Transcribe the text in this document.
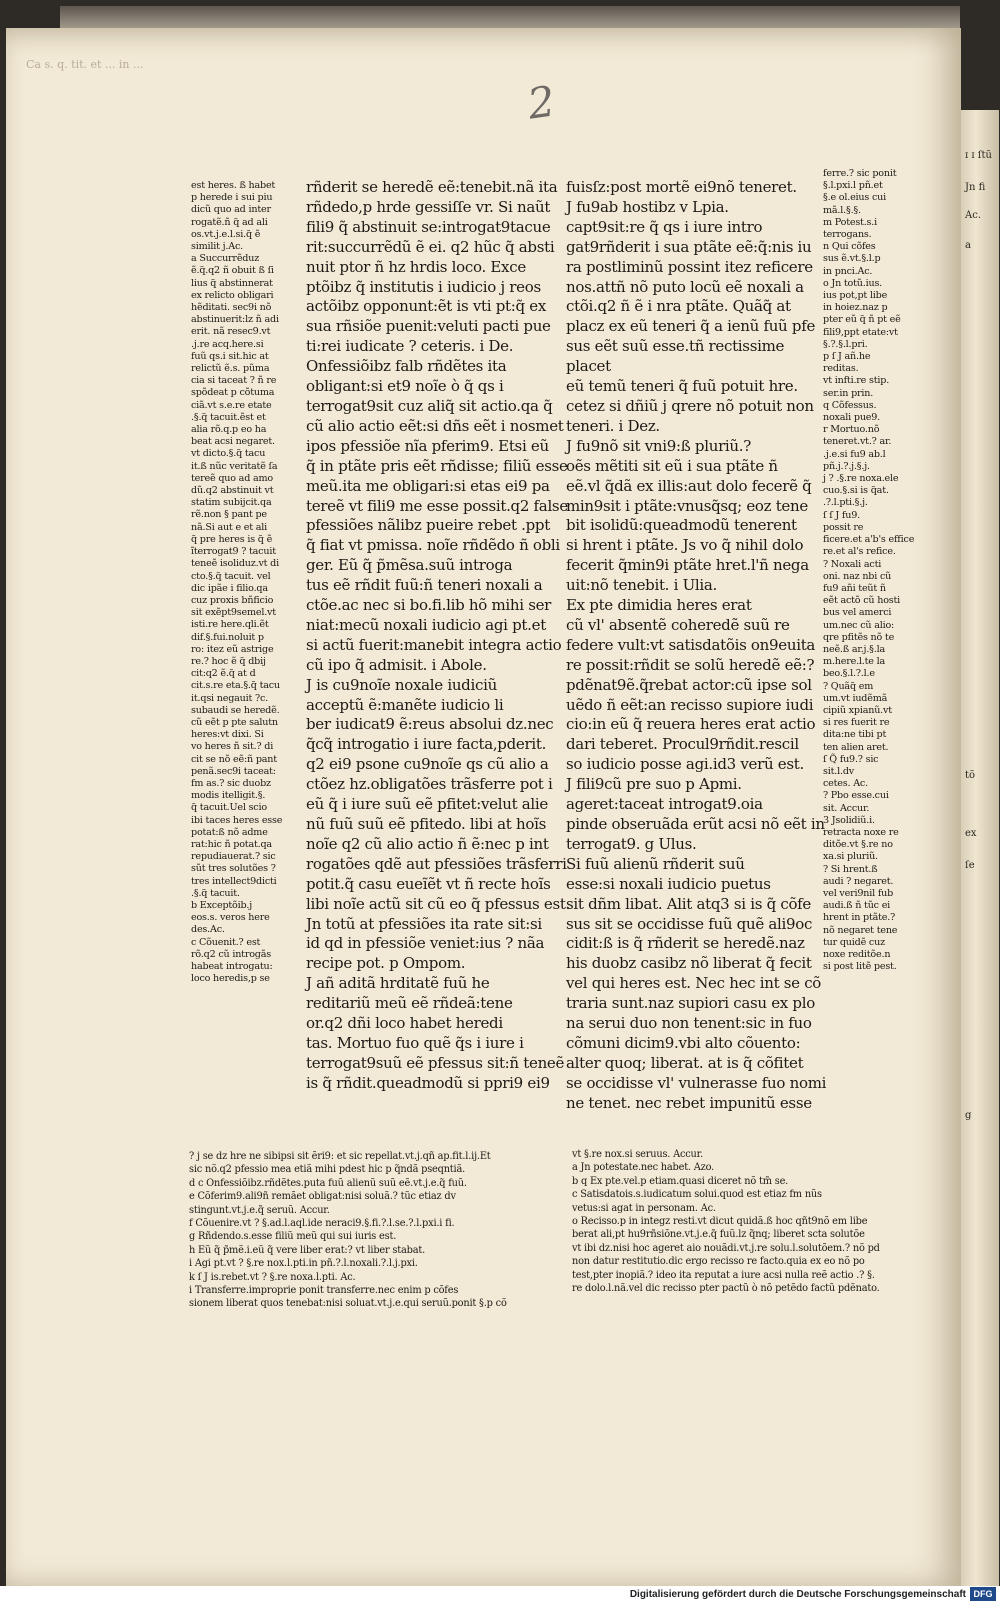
Ca s. q. tit. et ... in ...
2
est heres. ß habet
p herede i sui piu
dicũ quo ad inter
rogatẽ.ñ q̃ ad ali
os.vt.j.e.l.si.q̃ ẽ
similit j.Ac.
a Succurrẽduz
ẽ.q̃.q2 ñ obuit ß ſi
lius q̃ abstinnerat
ex relicto obligari
hẽditati. sec9i nõ
abstinuerit:lz ñ adi
erit. nã resec9.vt
.j.re acq.here.si
fuũ qs.i sit.hic at
relictũ ẽ.s. pũma
cia si taceat ? ñ re
spõdeat p cõtuma
ciã.vt s.e.re etate
.§.q̃ tacuit.ẽst et
alia rõ.q.p eo ha
beat acsi negaret.
vt dicto.§.q̃ tacu
it.ß nũc veritatẽ ſa
tereẽ quo ad amo
dũ.q2 abstinuit vt
statim subijcit.qa
rẽ.non § pant pe
nã.Si aut e et ali
q̃ pre heres is q̃ ẽ
ĩterrogat9 ? tacuit
teneẽ isoliduz.vt di
cto.§.q̃ tacuit. vel
dic ipãe i filio.qa
cuz proxis bñficio
sit exẽpt9semel.vt
isti.re here.qli.ẽt
dif.§.fui.noluit p
ro: itez eũ astrige
re.? hoc ẽ q̃ dbij
cit:q2 ẽ.q̃ at d
cit.s.re eta.§.q̃ tacu
it.qsi negauit ?c.
subaudi se heredẽ.
cũ eẽt p pte salutn
heres:vt dixi. Si
vo heres ñ sit.? di
cit se nõ eẽ:ñ pant
penã.sec9i taceat:
fm as.? sic duobz
modis itelligit.§.
q̃ tacuit.Uel scio
ibi taces heres esse
potat:ß nõ adme
rat:hic ñ potat.qa
repudiauerat.? sic
sũt tres solutões ?
tres intellect9dicti
.§.q̃ tacuit.
b Exceptõib.j
eos.s. veros here
des.Ac.
c Cõuenit.? est
rõ.q2 cũ introgãs
habeat introgatu:
loco heredis,p se
rñderit se heredẽ eẽ:tenebit.nã ita
rñdedo,p hrde gessiſſe vr. Si naũt
fili9 q̃ abstinuit se:introgat9tacue
rit:succurrẽdũ ẽ ei. q2 hũc q̃ absti
nuit ptor ñ hz hrdis loco. Exce
ptõibz q̃ institutis i iudicio j reos
actõibz opponunt:ẽt is vti pt:q̃ ex
sua rñsiõe puenit:veluti pacti pue
ti:rei iudicate ? ceteris. i De.
Onfessiõibz falb rñdẽtes ita
obligant:si et9 noĩe ò q̃ qs i
terrogat9sit cuz aliq̃ sit actio.qa q̃
cũ alio actio eẽt:si dñs eẽt i nosmet
ipos pfessiõe nĩa pferim9. Etsi eũ
q̃ in ptãte pris eẽt rñdisse; filiũ esse
meũ.ita me obligari:si etas ei9 pa
tereẽ vt fili9 me esse possit.q2 false
pfessiões nãlibz pueire rebet .ppt
q̃ fiat vt pmissa. noĩe rñdẽdo ñ obli
ger. Eũ q̃ p̃mẽsa.suũ introga
tus eẽ rñdit fuũ:ñ teneri noxali a
ctõe.ac nec si bo.fi.lib hõ mihi ser
niat:mecũ noxali iudicio agi pt.et
si actũ fuerit:manebit integra actio
cũ ipo q̃ admisit. i Abole.
J is cu9noĩe noxale iudiciũ
acceptũ ẽ:manẽte iudicio li
ber iudicat9 ẽ:reus absolui dz.nec
q̃cq̃ introgatio i iure facta,pderit.
q2 ei9 psone cu9noĩe qs cũ alio a
ctõez hz.obligatões trãsferre pot i
eũ q̃ i iure suũ eẽ pfitet:velut alie
nũ fuũ suũ eẽ pfitedo. libi at hoĩs
noĩe q2 cũ alio actio ñ ẽ:nec p int
rogatões qdẽ aut pfessiões trãsferri
potit.q̃ casu eueĩẽt vt ñ recte hoĩs
libi noĩe actũ sit cũ eo q̃ pfessus est.
Jn totũ at pfessiões ita rate sit:si
id qd in pfessiõe veniet:ius ? nãa
recipe pot. p Ompom.
J añ aditã hrditatẽ fuũ he
reditariũ meũ eẽ rñdeã:tene
or.q2 dñi loco habet heredi
tas. Mortuo fuo quẽ q̃s i iure i
terrogat9suũ eẽ pfessus sit:ñ teneẽ
is q̃ rñdit.queadmodũ si ppri9 ei9
fuisſz:post mortẽ ei9nõ teneret.
J fu9ab hostibz v Lpia.
capt9sit:re q̃ qs i iure intro
gat9rñderit i sua ptãte eẽ:q̃:nis iu
ra postliminũ possint itez reficere
nos.attñ nõ puto locũ eẽ noxali a
ctõi.q2 ñ ẽ i nra ptãte. Quãq̃ at
placz ex eũ teneri q̃ a ienũ fuũ pfe
sus eẽt suũ esse.tñ rectissime placet
eũ temũ teneri q̃ fuũ potuit hre.
cetez si dñiũ j qrere nõ potuit non
teneri. i Dez.
J fu9nõ sit vni9:ß pluriũ.?
oẽs mẽtiti sit eũ i sua ptãte ñ
eẽ.vl q̃dã ex illis:aut dolo fecerẽ q̃
min9sit i ptãte:vnusq̃sq; eoz tene
bit isolidũ:queadmodũ tenerent
si hrent i ptãte. Js vo q̃ nihil dolo
fecerit q̃min9i ptãte hret.l'ñ nega
uit:nõ tenebit. i Ulia.
Ex pte dimidia heres erat
cũ vl' absentẽ coheredẽ suũ re
federe vult:vt satisdatõis on9euita
re possit:rñdit se solũ heredẽ eẽ:?
pdẽnat9ẽ.q̃rebat actor:cũ ipse sol
uẽdo ñ eẽt:an recisso supiore iudi
cio:in eũ q̃ reuera heres erat actio
dari teberet. Procul9rñdit.rescil
so iudicio posse agi.id3 verũ est.
J fili9cũ pre suo p Apmi.
ageret:taceat introgat9.oia
pinde obseruãda erũt acsi nõ eẽt in
terrogat9. g Ulus.
Si fuũ alienũ rñderit suũ
esse:si noxali iudicio puetus
sit dñm libat. Alit atq3 si is q̃ cõfe
sus sit se occidisse fuũ quẽ ali9oc
cidit:ß is q̃ rñderit se heredẽ.naz
his duobz casibz nõ liberat q̃ fecit
vel qui heres est. Nec hec int se cõ
traria sunt.naz supiori casu ex plo
na serui duo non tenent:sic in fuo
cõmuni dicim9.vbi alto cõuento:
alter quoq; liberat. at is q̃ cõfitet
se occidisse vl' vulnerasse fuo nomi
ne tenet. nec rebet impunitũ esse
ferre.? sic ponit
§.l.pxi.l pñ.et
§.e ol.eius cui
mã.l.§.§.
m Potest.s.i
terrogans.
n Qui cõfes
sus ẽ.vt.§.l.p
in pnci.Ac.
o Jn totũ.ius.
ius pot,pt libe
in hoiez.naz p
pter eũ q̃ ñ pt eẽ
fili9,ppt etate:vt
§.?.§.l.pri.
p ſ J añ.he
reditas.
vt infti.re stip.
ser.in prin.
q Cõfessus.
noxali pue9.
r Mortuo.nõ
teneret.vt.? ar.
.j.e.si fu9 ab.l
pñ.j.?.j.§.j.
j ? .§.re noxa.ele
cuo.§.si is q̃at.
.?.l.pti.§.j.
ſ ſ J fu9.
possit re
ficere.et a'b's effice
re.et al's refice.
? Noxali acti
oni. naz nbi cũ
fu9 añi teũt ñ
eẽt actõ cũ hosti
bus vel amerci
um.nec cũ alio:
qre pfitẽs nõ te
neẽ.ß ar.j.§.la
m.here.l.te la
beo.§.l.?.l.e
? Quãq̃ em
um.vt iudẽmã
cipiũ xpianũ.vt
si res fuerit re
dita:ne tibi pt
ten alien aret.
ſ Q̃ fu9.? sic
sit.l.dv
cetes. Ac.
? Pbo esse.cui
sit. Accur.
3 Jsolidiũ.i.
retracta noxe re
ditõe.vt §.re no
xa.si pluriũ.
? Si hrent.ß
audi ? negaret.
vel veri9nil fub
audi.ß ñ tũc ei
hrent in ptãte.?
nõ negaret tene
tur quidẽ cuz
noxe reditõe.n
si post litẽ pest.
? j se dz hre ne sibipsi sit ẽri9: et sic repellat.vt.j.qñ ap.fit.l.ij.Et
sic nõ.q2 pfessio mea etiã mihi pdest hic p q̃ndã pseqntiã.
d c Onfessiõibz.rñdẽtes.puta fuũ alienũ suũ eẽ.vt.j.e.q̃ fuũ.
e Cõferim9.ali9ñ remãet obligat:nisi soluã.? tũc etiaz dv
stingunt.vt.j.e.q̃ seruũ. Accur.
f Cõuenire.vt ? §.ad.l.aql.ide neraci9.§.fi.?.l.se.?.l.pxi.i fi.
g Rñdendo.s.esse filiũ meũ qui sui iuris est.
h Eũ q̃ p̃mẽ.i.eũ q̃ vere liber erat:? vt liber stabat.
i Agi pt.vt ? §.re nox.l.pti.in pñ.?.l.noxali.?.l.j.pxi.
k ſ J is.rebet.vt ? §.re noxa.l.pti. Ac.
i Transferre.improprie ponit transferre.nec enim p cõfes
sionem liberat quos tenebat:nisi soluat.vt.j.e.qui seruũ.ponit §.p cõ
vt §.re nox.si seruus. Accur.
a Jn potestate.nec habet. Azo.
b q Ex pte.vel.p etiam.quasi diceret nõ tm̃ se.
c Satisdatois.s.iudicatum solui.quod est etiaz fm nũs
vetus:si agat in personam. Ac.
o Recisso.p in integz resti.vt dicut quidã.ß hoc qñt9nõ em libe
berat ali,pt hu9rñsiõne.vt.j.e.q̃ fuũ.lz q̃nq; liberet scta solutõe
vt ibi dz.nisi hoc ageret aio nouãdi.vt.j.re solu.l.solutõem.? nõ pd
non datur restitutio.dic ergo recisso re facto.quia ex eo nõ po
test,pter inopiã.? ideo ita reputat a iure acsi nulla reẽ actio .? §.
re dolo.l.nã.vel dic recisso pter pactũ ò nõ petẽdo factũ pdẽnato.
ɪ ɪ ſtũ
Jn fi
Ac.
a
tõ
ex
ſe
g
Digitalisierung gefördert durch die Deutsche Forschungsgemeinschaft DFG
